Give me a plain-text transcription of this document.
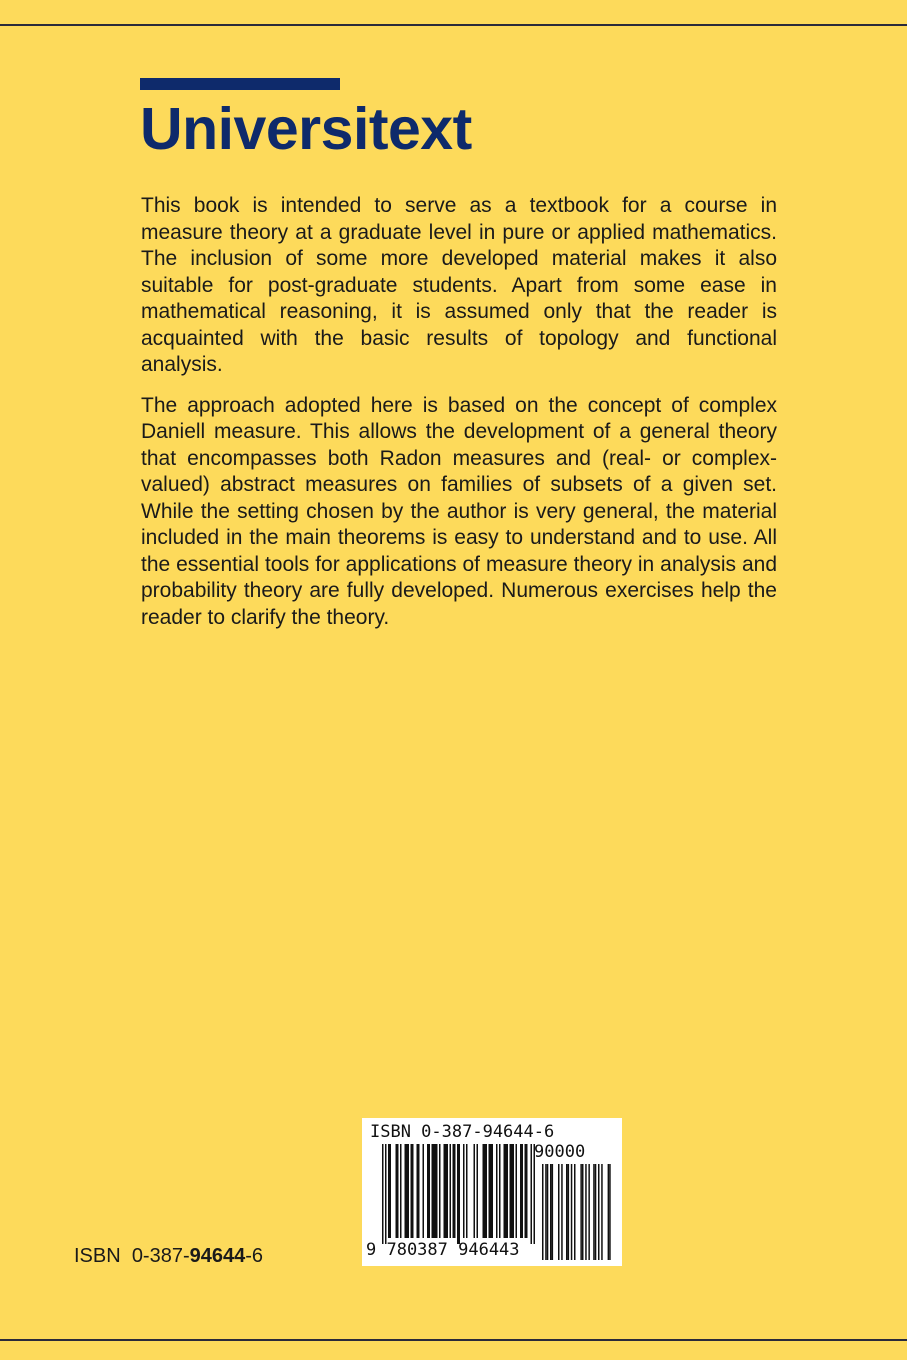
Universitext

This book is intended to serve as a textbook for a course in measure theory at a graduate level in pure or applied mathematics. The inclusion of some more developed material makes it also suitable for post-graduate students. Apart from some ease in mathematical reasoning, it is assumed only that the reader is acquainted with the basic results of topology and functional analysis.

The approach adopted here is based on the concept of complex Daniell measure. This allows the development of a general theory that encompasses both Radon measures and (real- or complex-valued) abstract measures on families of subsets of a given set. While the setting chosen by the author is very general, the material included in the main theorems is easy to understand and to use. All the essential tools for applications of measure theory in analysis and probability theory are fully developed. Numerous exercises help the reader to clarify the theory.

ISBN 0-387-94644-6
ISBN 0-387-94644-6
90000
9 780387 946443
